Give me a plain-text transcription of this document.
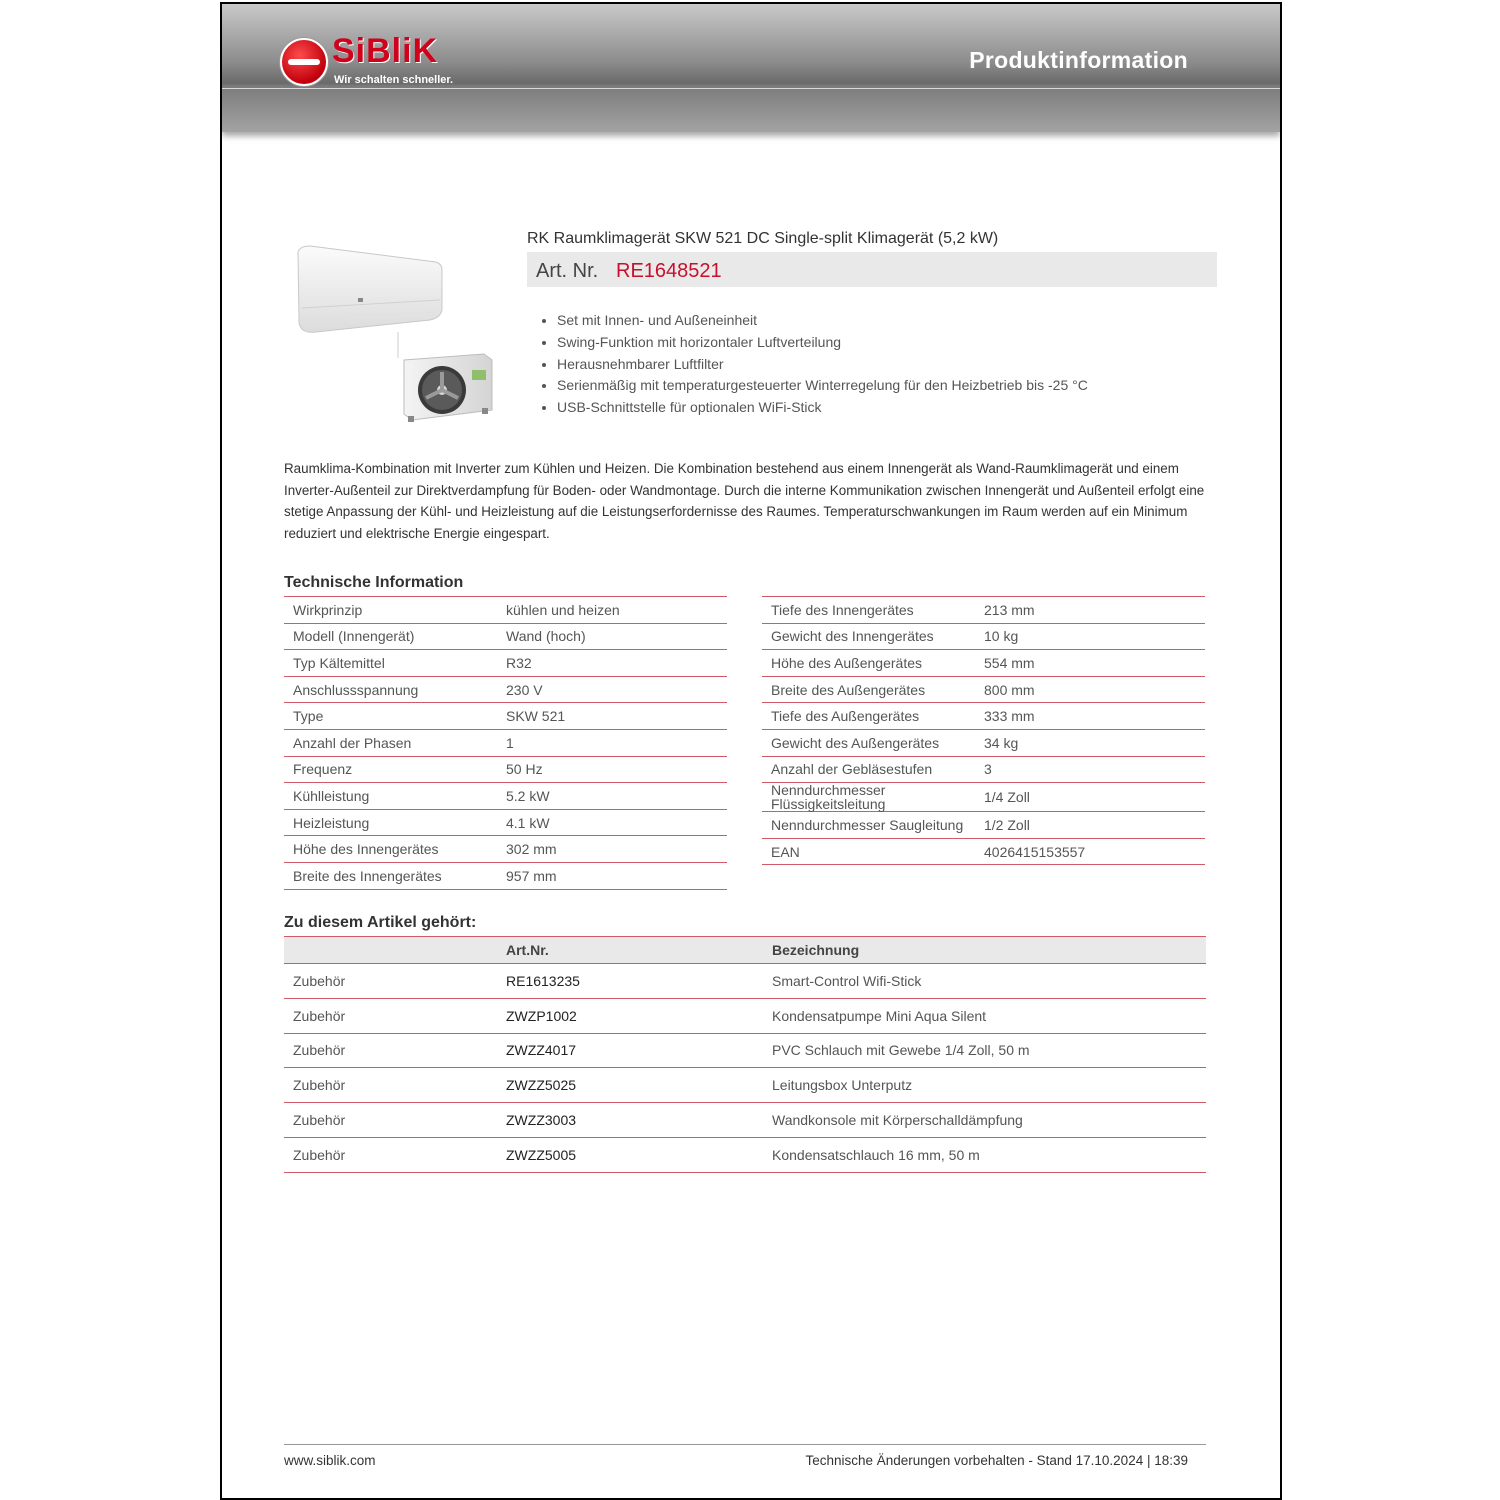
SiBliK
Wir schalten schneller.
Produktinformation
RK Raumklimagerät SKW 521 DC Single-split Klimagerät (5,2 kW)
Art. Nr. RE1648521
• Set mit Innen- und Außeneinheit
• Swing-Funktion mit horizontaler Luftverteilung
• Herausnehmbarer Luftfilter
• Serienmäßig mit temperaturgesteuerter Winterregelung für den Heizbetrieb bis -25 °C
• USB-Schnittstelle für optionalen WiFi-Stick
Raumklima-Kombination mit Inverter zum Kühlen und Heizen. Die Kombination bestehend aus einem Innengerät als Wand-Raumklimagerät und einem Inverter-Außenteil zur Direktverdampfung für Boden- oder Wandmontage. Durch die interne Kommunikation zwischen Innengerät und Außenteil erfolgt eine stetige Anpassung der Kühl- und Heizleistung auf die Leistungserfordernisse des Raumes. Temperaturschwankungen im Raum werden auf ein Minimum reduziert und elektrische Energie eingespart.
Technische Information
Wirkprinzip	kühlen und heizen
Modell (Innengerät)	Wand (hoch)
Typ Kältemittel	R32
Anschlussspannung	230 V
Type	SKW 521
Anzahl der Phasen	1
Frequenz	50 Hz
Kühlleistung	5.2 kW
Heizleistung	4.1 kW
Höhe des Innengerätes	302 mm
Breite des Innengerätes	957 mm
Tiefe des Innengerätes	213 mm
Gewicht des Innengerätes	10 kg
Höhe des Außengerätes	554 mm
Breite des Außengerätes	800 mm
Tiefe des Außengerätes	333 mm
Gewicht des Außengerätes	34 kg
Anzahl der Gebläsestufen	3
Nenndurchmesser Flüssigkeitsleitung	1/4 Zoll
Nenndurchmesser Saugleitung	1/2 Zoll
EAN	4026415153557
Zu diesem Artikel gehört:
	Art.Nr.	Bezeichnung
Zubehör	RE1613235	Smart-Control Wifi-Stick
Zubehör	ZWZP1002	Kondensatpumpe Mini Aqua Silent
Zubehör	ZWZZ4017	PVC Schlauch mit Gewebe 1/4 Zoll, 50 m
Zubehör	ZWZZ5025	Leitungsbox Unterputz
Zubehör	ZWZZ3003	Wandkonsole mit Körperschalldämpfung
Zubehör	ZWZZ5005	Kondensatschlauch 16 mm, 50 m
www.siblik.com	Technische Änderungen vorbehalten - Stand 17.10.2024 | 18:39
